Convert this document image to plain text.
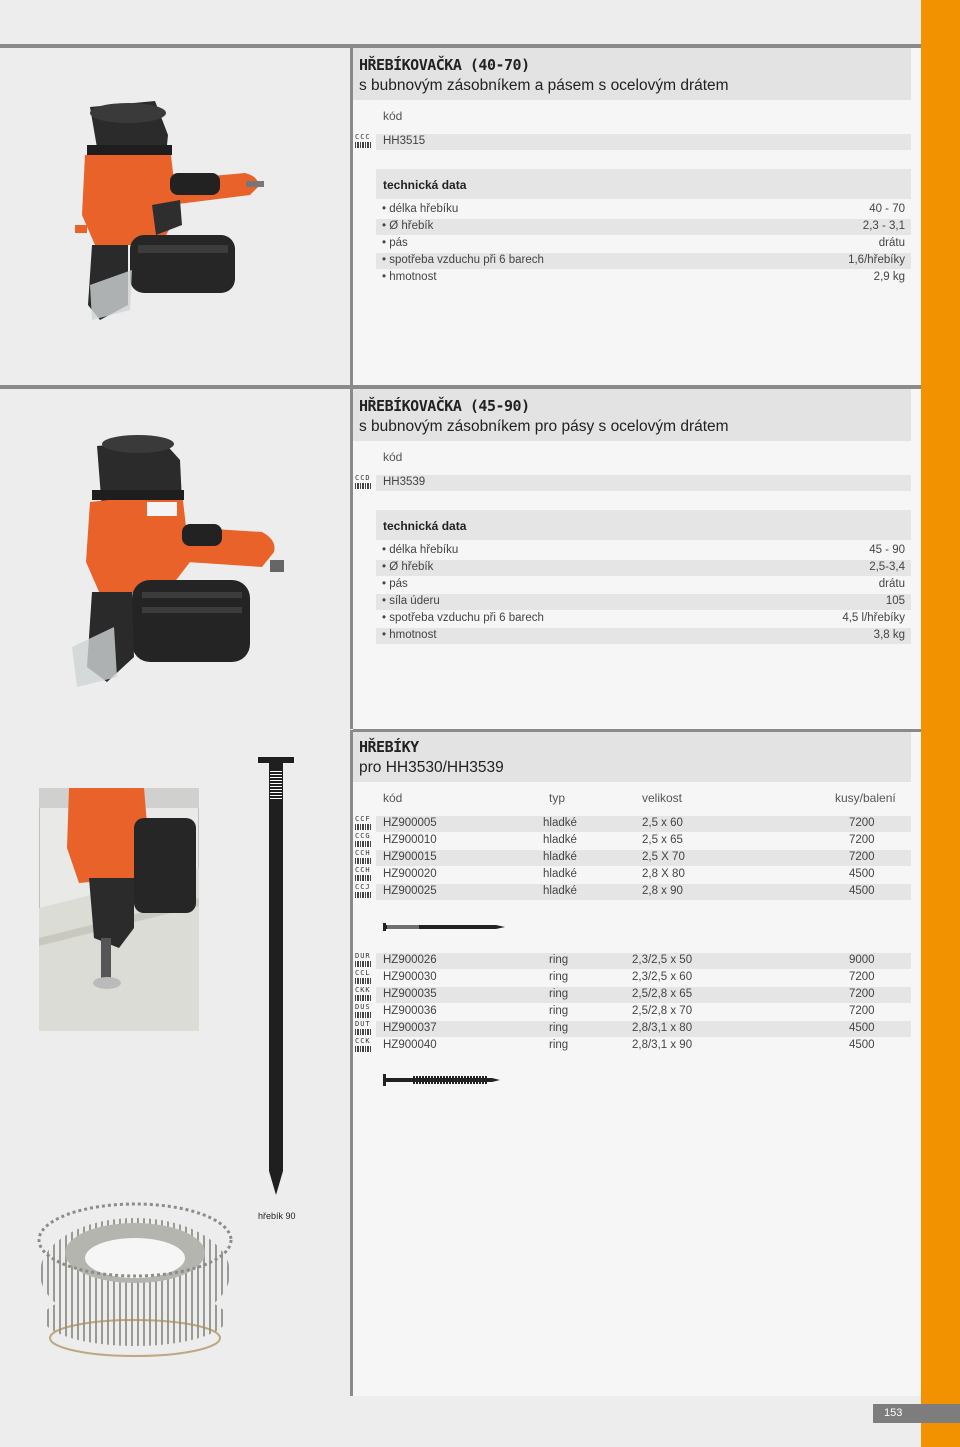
HŘEBÍKOVAČKA (40-70)
s bubnovým zásobníkem a pásem s ocelovým drátem
kód
CCC HH3515
technická data
• délka hřebíku	40 - 70
• Ø hřebík	2,3 - 3,1
• pás	drátu
• spotřeba vzduchu při 6 barech	1,6/hřebíky
• hmotnost	2,9 kg
HŘEBÍKOVAČKA (45-90)
s bubnovým zásobníkem pro pásy s ocelovým drátem
kód
CCD HH3539
technická data
• délka hřebíku	45 - 90
• Ø hřebík	2,5-3,4
• pás	drátu
• síla úderu	105
• spotřeba vzduchu při 6 barech	4,5 l/hřebíky
• hmotnost	3,8 kg
HŘEBÍKY
pro HH3530/HH3539
kód	typ	velikost	kusy/balení
CCF HZ900005	hladké	2,5 x 60	7200
CCG HZ900010	hladké	2,5 x 65	7200
CCH HZ900015	hladké	2,5 X 70	7200
CCH HZ900020	hladké	2,8 X 80	4500
CCJ HZ900025	hladké	2,8 x 90	4500
DUR HZ900026	ring	2,3/2,5 x 50	9000
CCL HZ900030	ring	2,3/2,5 x 60	7200
CKK HZ900035	ring	2,5/2,8 x 65	7200
DUS HZ900036	ring	2,5/2,8 x 70	7200
DUT HZ900037	ring	2,8/3,1 x 80	4500
CCK HZ900040	ring	2,8/3,1 x 90	4500
hřebík 90
153
